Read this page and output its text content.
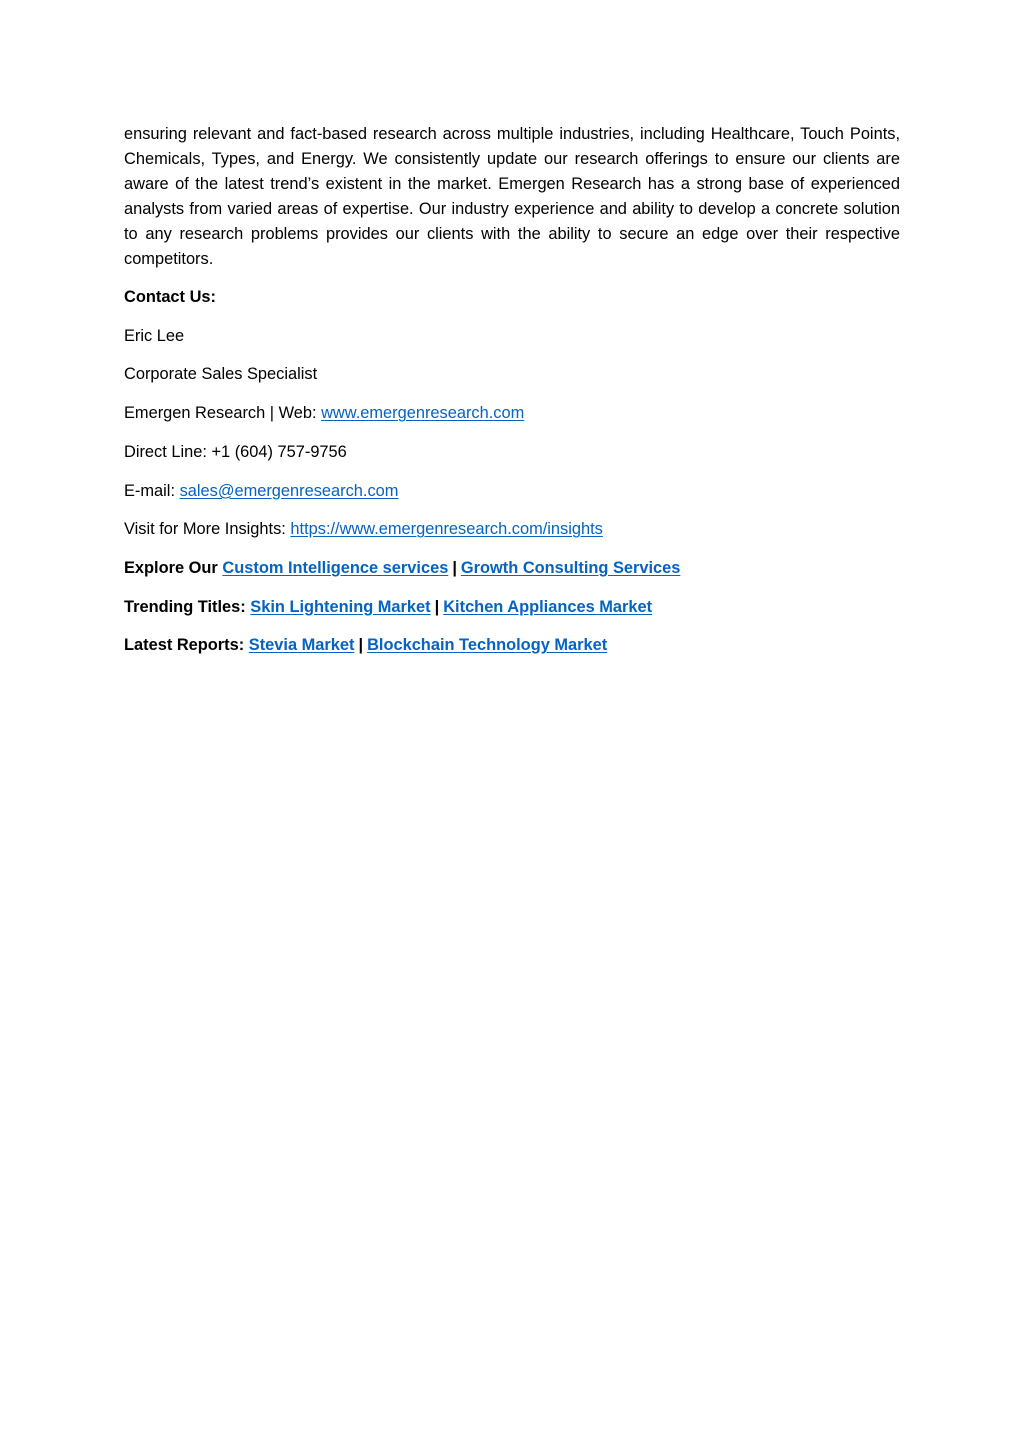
ensuring relevant and fact-based research across multiple industries, including Healthcare, Touch Points, Chemicals, Types, and Energy. We consistently update our research offerings to ensure our clients are aware of the latest trend’s existent in the market. Emergen Research has a strong base of experienced analysts from varied areas of expertise. Our industry experience and ability to develop a concrete solution to any research problems provides our clients with the ability to secure an edge over their respective competitors.

Contact Us:

Eric Lee

Corporate Sales Specialist

Emergen Research | Web: www.emergenresearch.com

Direct Line: +1 (604) 757-9756

E-mail: sales@emergenresearch.com

Visit for More Insights: https://www.emergenresearch.com/insights

Explore Our Custom Intelligence services | Growth Consulting Services

Trending Titles: Skin Lightening Market | Kitchen Appliances Market

Latest Reports: Stevia Market | Blockchain Technology Market
